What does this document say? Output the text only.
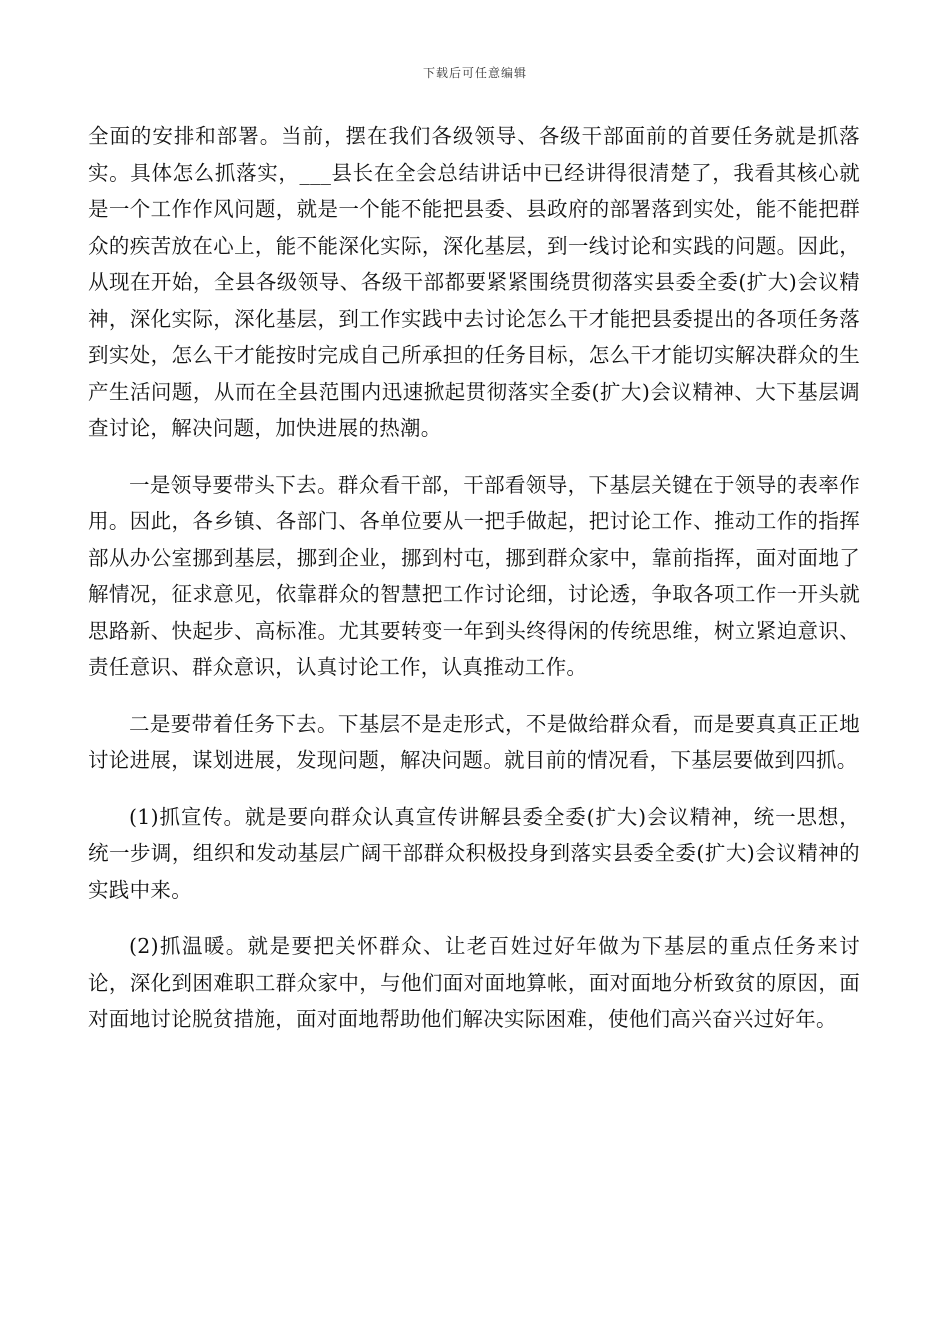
下载后可任意编辑

全面的安排和部署。当前，摆在我们各级领导、各级干部面前的首要任务就是抓落实。具体怎么抓落实，___县长在全会总结讲话中已经讲得很清楚了，我看其核心就是一个工作作风问题，就是一个能不能把县委、县政府的部署落到实处，能不能把群众的疾苦放在心上，能不能深化实际，深化基层，到一线讨论和实践的问题。因此，从现在开始，全县各级领导、各级干部都要紧紧围绕贯彻落实县委全委(扩大)会议精神，深化实际，深化基层，到工作实践中去讨论怎么干才能把县委提出的各项任务落到实处，怎么干才能按时完成自己所承担的任务目标，怎么干才能切实解决群众的生产生活问题，从而在全县范围内迅速掀起贯彻落实全委(扩大)会议精神、大下基层调查讨论，解决问题，加快进展的热潮。

一是领导要带头下去。群众看干部，干部看领导，下基层关键在于领导的表率作用。因此，各乡镇、各部门、各单位要从一把手做起，把讨论工作、推动工作的指挥部从办公室挪到基层，挪到企业，挪到村屯，挪到群众家中，靠前指挥，面对面地了解情况，征求意见，依靠群众的智慧把工作讨论细，讨论透，争取各项工作一开头就思路新、快起步、高标准。尤其要转变一年到头终得闲的传统思维，树立紧迫意识、责任意识、群众意识，认真讨论工作，认真推动工作。

二是要带着任务下去。下基层不是走形式，不是做给群众看，而是要真真正正地讨论进展，谋划进展，发现问题，解决问题。就目前的情况看，下基层要做到四抓。

(1)抓宣传。就是要向群众认真宣传讲解县委全委(扩大)会议精神，统一思想，统一步调，组织和发动基层广阔干部群众积极投身到落实县委全委(扩大)会议精神的实践中来。

(2)抓温暖。就是要把关怀群众、让老百姓过好年做为下基层的重点任务来讨论，深化到困难职工群众家中，与他们面对面地算帐，面对面地分析致贫的原因，面对面地讨论脱贫措施，面对面地帮助他们解决实际困难，使他们高兴奋兴过好年。
